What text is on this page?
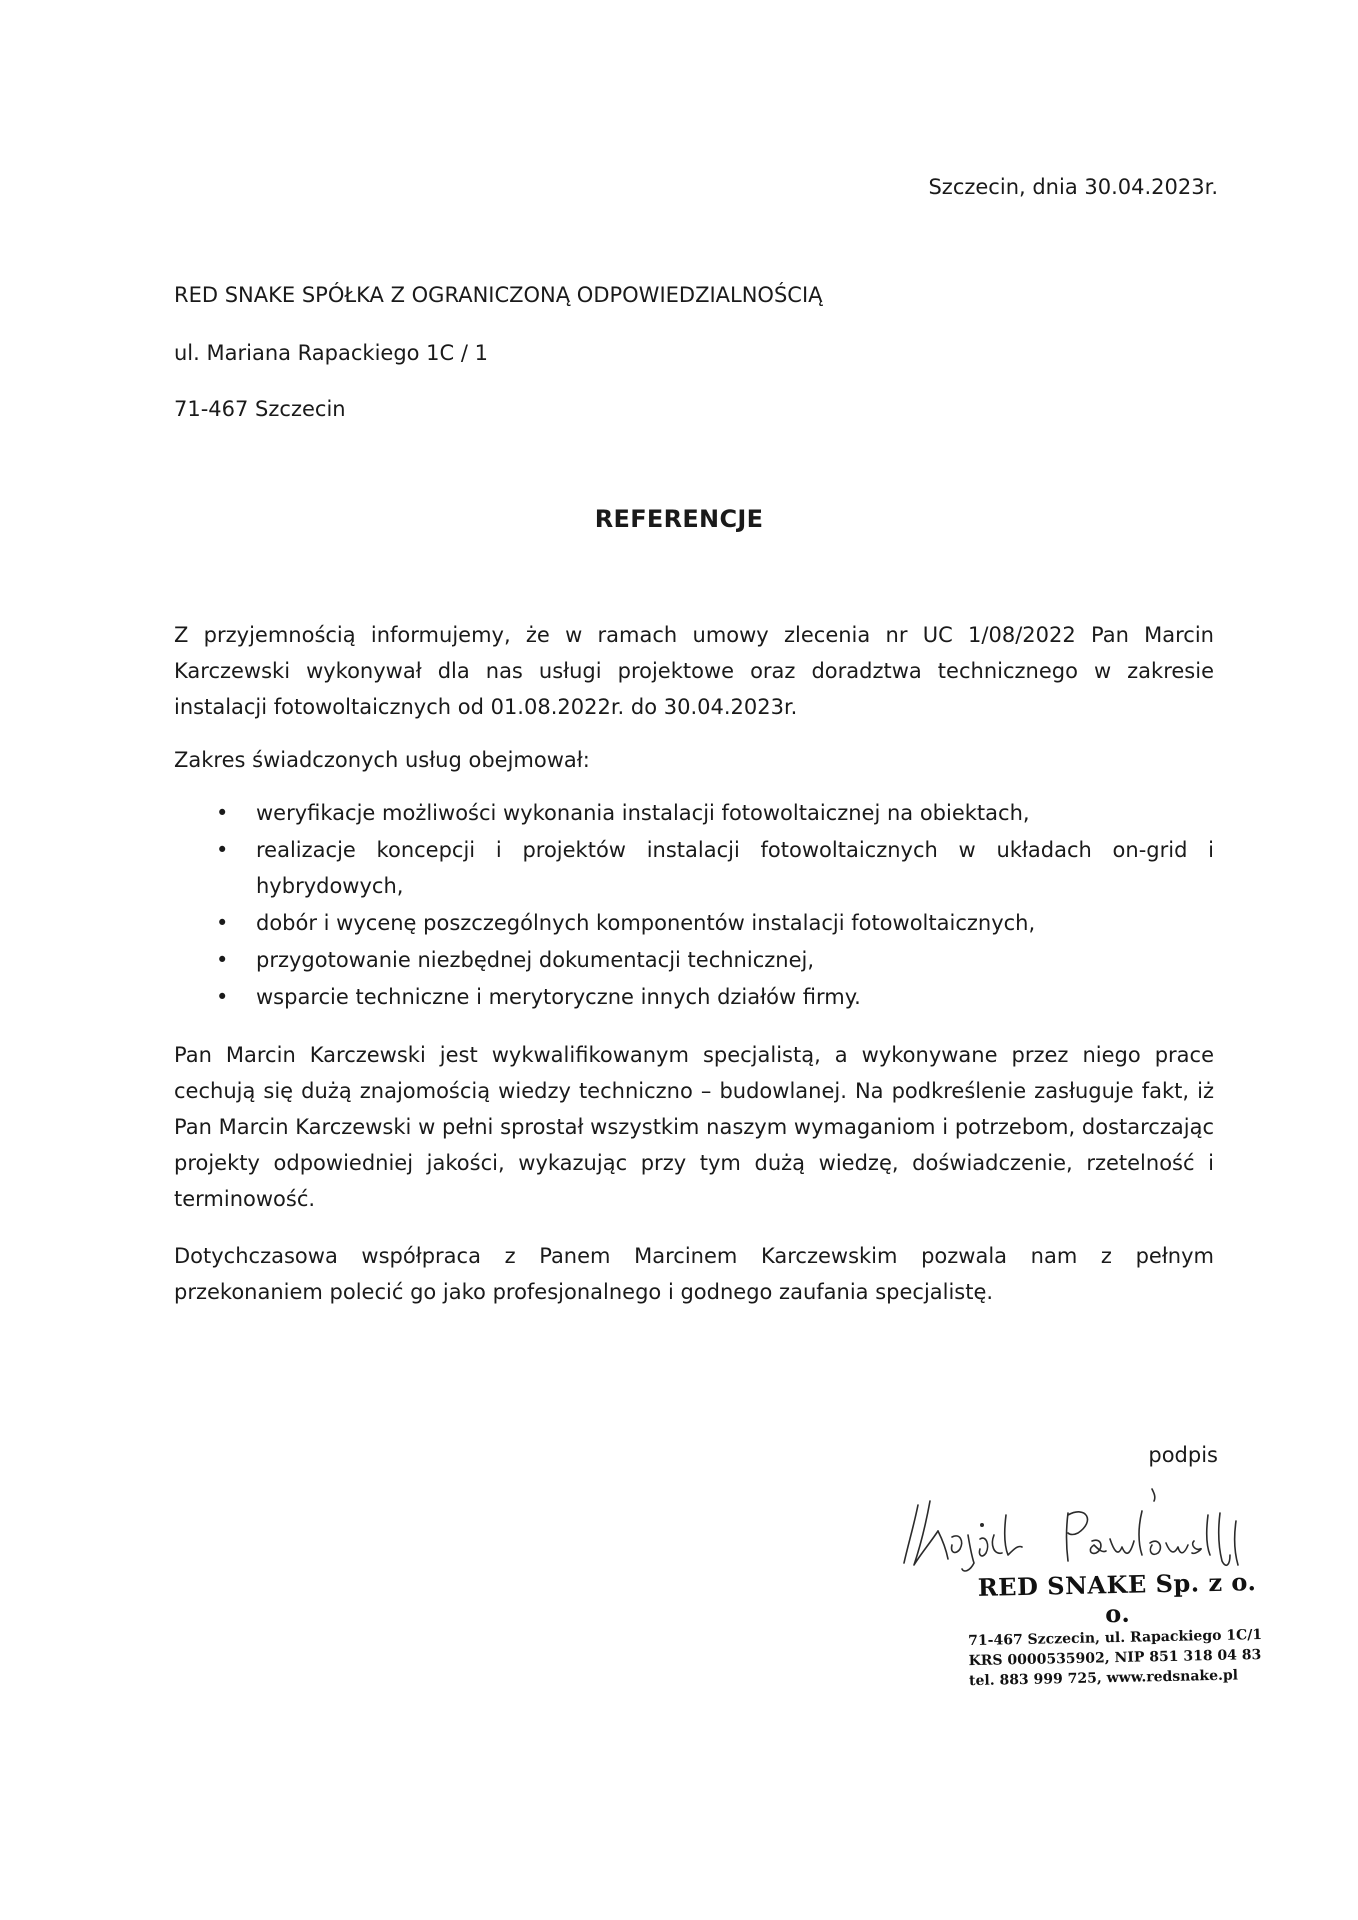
Szczecin, dnia 30.04.2023r.
RED SNAKE SPÓŁKA Z OGRANICZONĄ ODPOWIEDZIALNOŚCIĄ
ul. Mariana Rapackiego 1C / 1
71-467 Szczecin
REFERENCJE
Z przyjemnością informujemy, że w ramach umowy zlecenia nr UC 1/08/2022 Pan Marcin Karczewski wykonywał dla nas usługi projektowe oraz doradztwa technicznego w zakresie instalacji fotowoltaicznych od 01.08.2022r. do 30.04.2023r.
Zakres świadczonych usług obejmował:
• weryfikacje możliwości wykonania instalacji fotowoltaicznej na obiektach,
• realizacje koncepcji i projektów instalacji fotowoltaicznych w układach on-grid i hybrydowych,
• dobór i wycenę poszczególnych komponentów instalacji fotowoltaicznych,
• przygotowanie niezbędnej dokumentacji technicznej,
• wsparcie techniczne i merytoryczne innych działów firmy.
Pan Marcin Karczewski jest wykwalifikowanym specjalistą, a wykonywane przez niego prace cechują się dużą znajomością wiedzy techniczno – budowlanej. Na podkreślenie zasługuje fakt, iż Pan Marcin Karczewski w pełni sprostał wszystkim naszym wymaganiom i potrzebom, dostarczając projekty odpowiedniej jakości, wykazując przy tym dużą wiedzę, doświadczenie, rzetelność i terminowość.
Dotychczasowa współpraca z Panem Marcinem Karczewskim pozwala nam z pełnym przekonaniem polecić go jako profesjonalnego i godnego zaufania specjalistę.
podpis
RED SNAKE Sp. z o. o.
71-467 Szczecin, ul. Rapackiego 1C/1
KRS 0000535902, NIP 851 318 04 83
tel. 883 999 725, www.redsnake.pl
